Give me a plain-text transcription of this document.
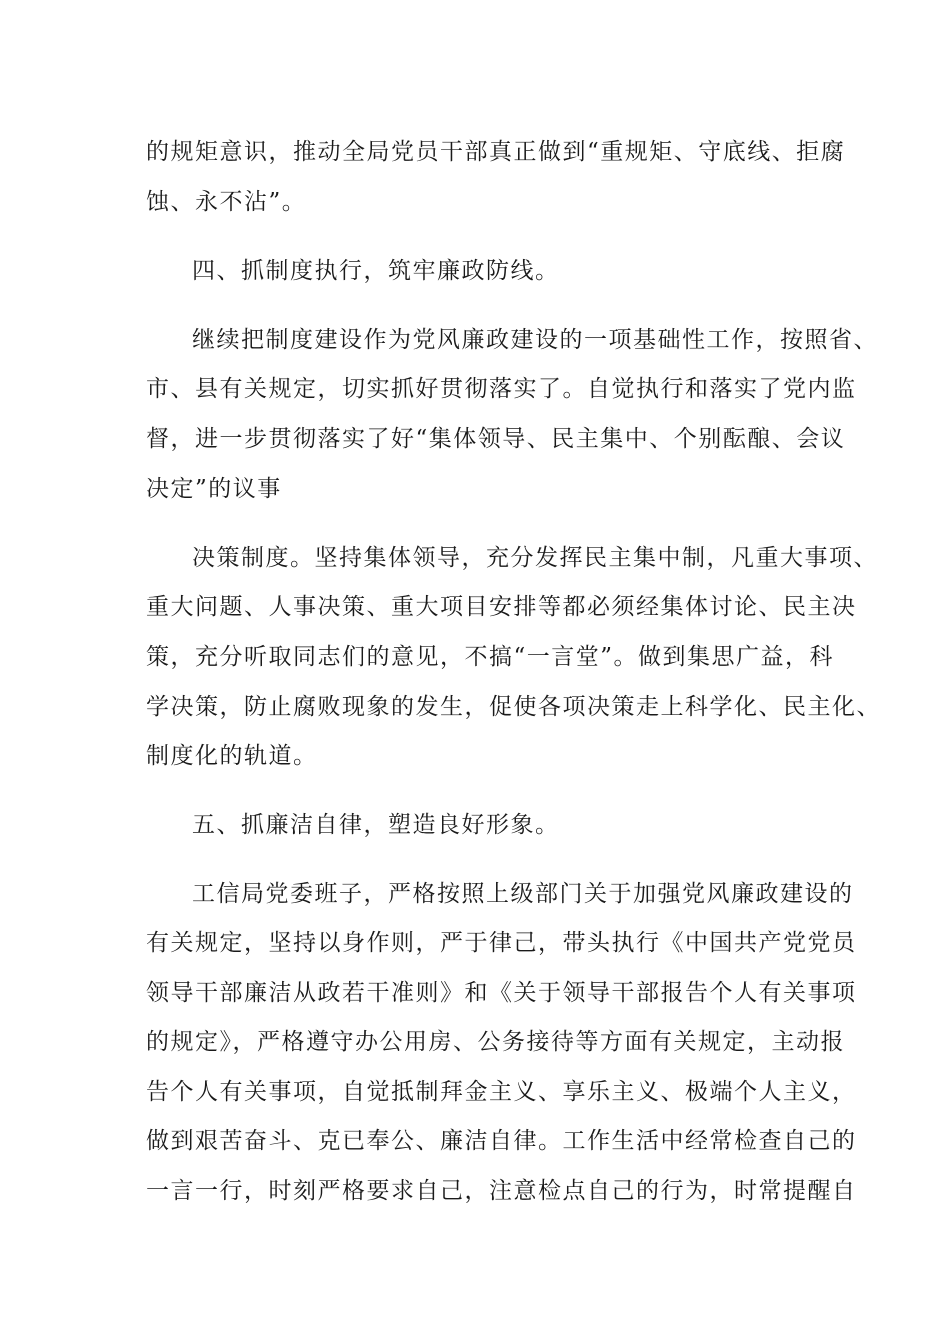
的规矩意识，推动全局党员干部真正做到“重规矩、守底线、拒腐
蚀、永不沾”。
四、抓制度执行，筑牢廉政防线。
继续把制度建设作为党风廉政建设的一项基础性工作，按照省、
市、县有关规定，切实抓好贯彻落实了。自觉执行和落实了党内监
督，进一步贯彻落实了好“集体领导、民主集中、个别酝酿、会议
决定”的议事
决策制度。坚持集体领导，充分发挥民主集中制，凡重大事项、
重大问题、人事决策、重大项目安排等都必须经集体讨论、民主决
策，充分听取同志们的意见，不搞“一言堂”。做到集思广益，科
学决策，防止腐败现象的发生，促使各项决策走上科学化、民主化、
制度化的轨道。
五、抓廉洁自律，塑造良好形象。
工信局党委班子，严格按照上级部门关于加强党风廉政建设的
有关规定，坚持以身作则，严于律己，带头执行《中国共产党党员
领导干部廉洁从政若干准则》和《关于领导干部报告个人有关事项
的规定》，严格遵守办公用房、公务接待等方面有关规定，主动报
告个人有关事项，自觉抵制拜金主义、享乐主义、极端个人主义，
做到艰苦奋斗、克已奉公、廉洁自律。工作生活中经常检查自己的
一言一行，时刻严格要求自己，注意检点自己的行为，时常提醒自
